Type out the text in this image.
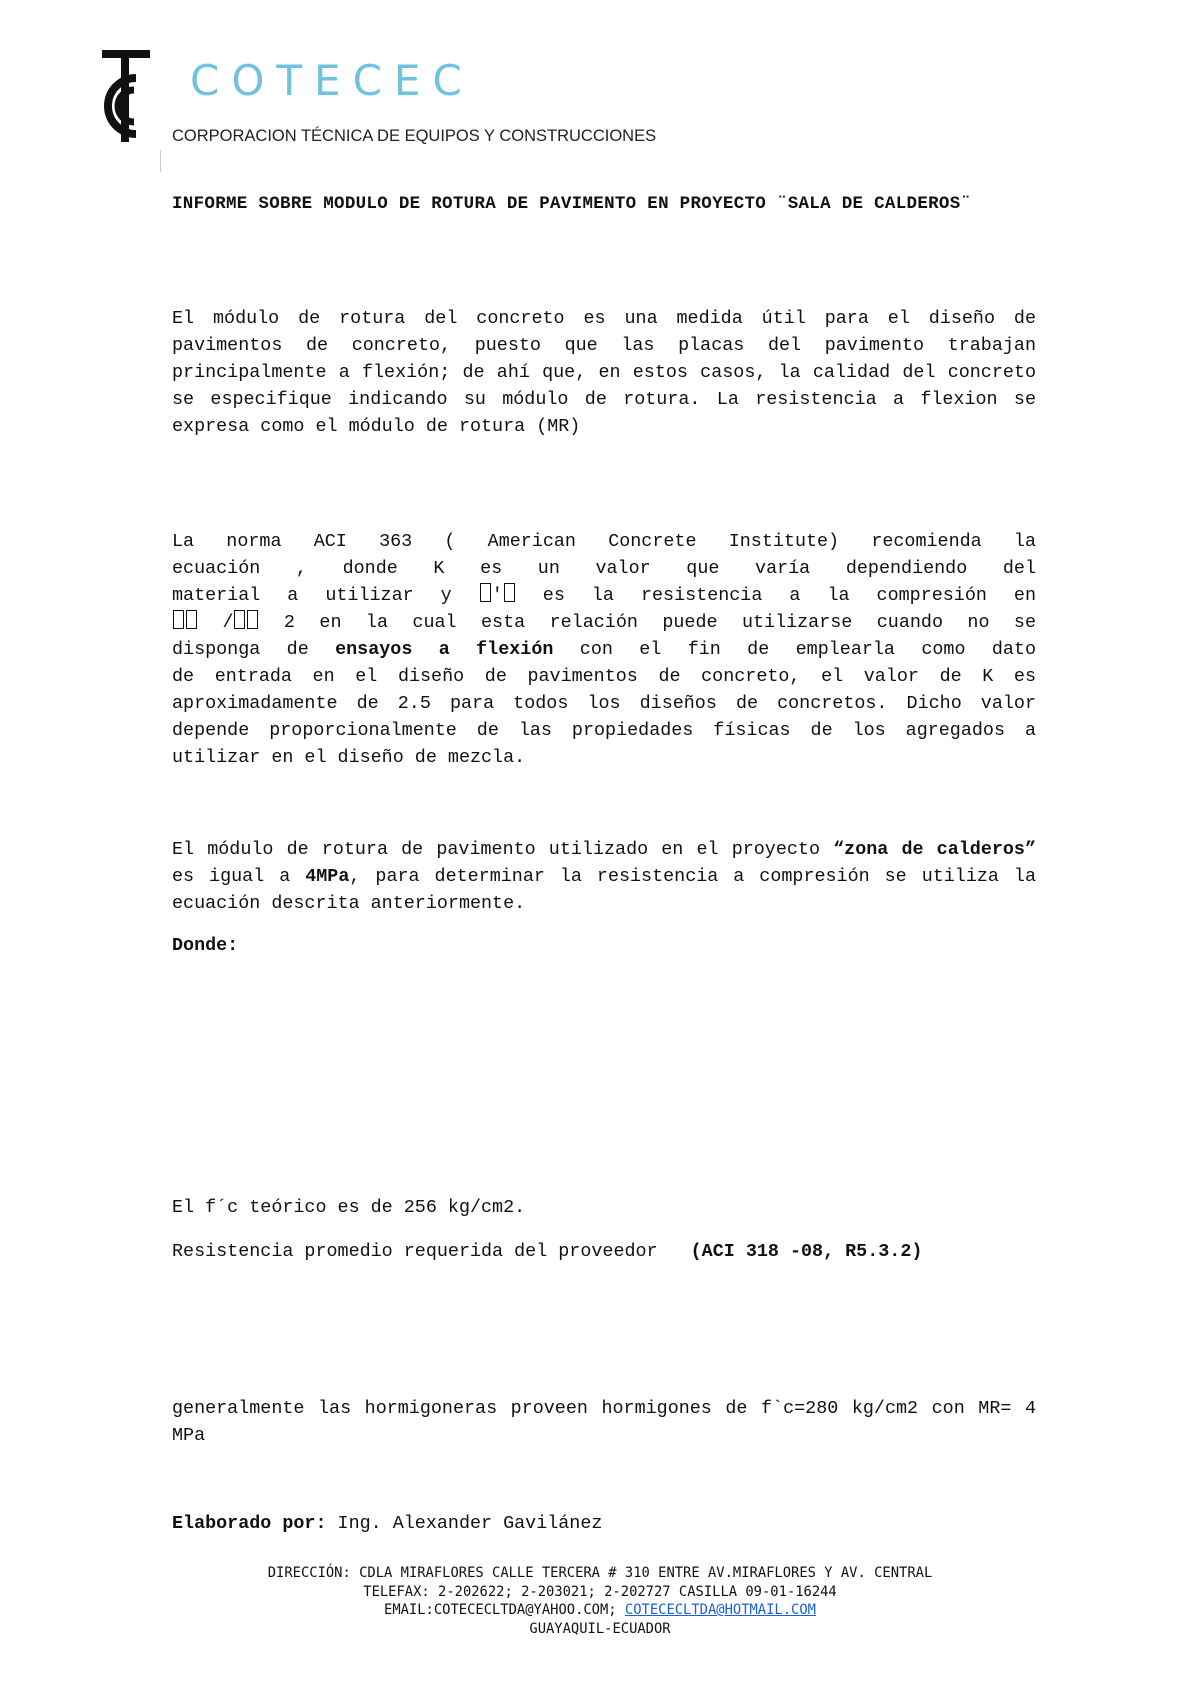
COTECEC
CORPORACION TÉCNICA DE EQUIPOS Y CONSTRUCCIONES
INFORME SOBRE MODULO DE ROTURA DE PAVIMENTO EN PROYECTO ¨SALA DE CALDEROS¨
El módulo de rotura del concreto es una medida útil para el diseño de pavimentos de concreto, puesto que las placas del pavimento trabajan principalmente a flexión; de ahí que, en estos casos, la calidad del concreto se especifique indicando su módulo de rotura. La resistencia a flexion se expresa como el módulo de rotura (MR)
La norma ACI 363 ( American Concrete Institute) recomienda la
ecuación , donde K es un valor que varía dependiendo del
material a utilizar y ' es la resistencia a la compresión en
/ 2 en la cual esta relación puede utilizarse cuando no se
disponga de ensayos a flexión con el fin de emplearla como dato
de entrada en el diseño de pavimentos de concreto, el valor de K es aproximadamente de 2.5 para todos los diseños de concretos. Dicho valor depende proporcionalmente de las propiedades físicas de los agregados a utilizar en el diseño de mezcla.
El módulo de rotura de pavimento utilizado en el proyecto “zona de calderos” es igual a 4MPa, para determinar la resistencia a compresión se utiliza la ecuación descrita anteriormente.
Donde:
El f´c teórico es de 256 kg/cm2.
Resistencia promedio requerida del proveedor (ACI 318 -08, R5.3.2)
generalmente las hormigoneras proveen hormigones de f`c=280 kg/cm2 con MR= 4 MPa
Elaborado por: Ing. Alexander Gavilánez
DIRECCIÓN: CDLA MIRAFLORES CALLE TERCERA # 310 ENTRE AV.MIRAFLORES Y AV. CENTRAL
TELEFAX: 2-202622; 2-203021; 2-202727 CASILLA 09-01-16244
EMAIL:COTECECLTDA@YAHOO.COM; COTECECLTDA@HOTMAIL.COM
GUAYAQUIL-ECUADOR
